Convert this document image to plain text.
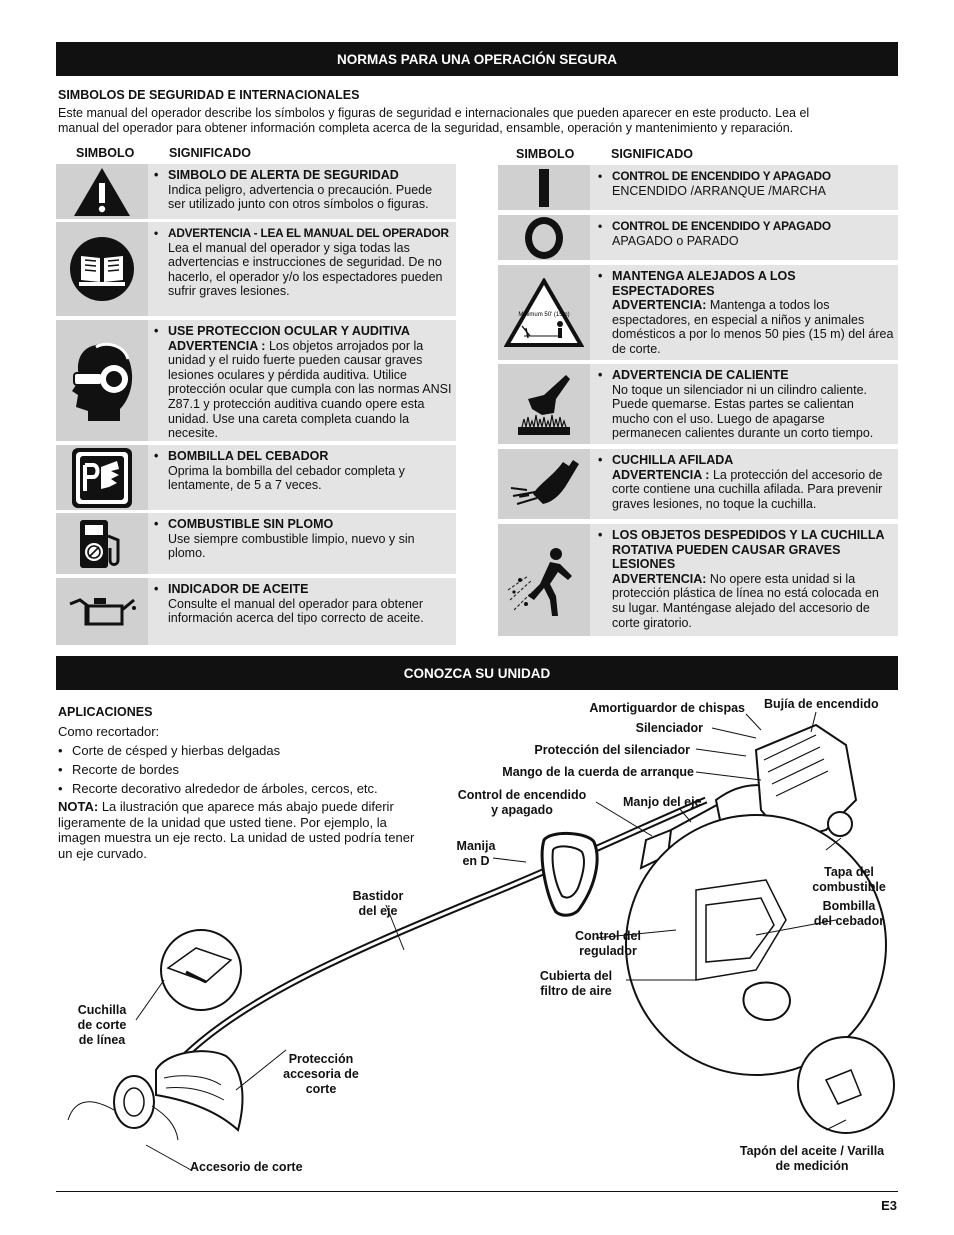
NORMAS PARA UNA OPERACIÓN SEGURA
SIMBOLOS DE SEGURIDAD E INTERNACIONALES
Este manual del operador describe los símbolos y figuras de seguridad e internacionales que pueden aparecer en este producto. Lea el
manual del operador para obtener información completa acerca de la seguridad, ensamble, operación y mantenimiento y reparación.
SIMBOLO	SIGNIFICADO	SIMBOLO	SIGNIFICADO
• SIMBOLO DE ALERTA DE SEGURIDAD
Indica peligro, advertencia o precaución. Puede ser utilizado junto con otros símbolos o figuras.
• ADVERTENCIA - LEA EL MANUAL DEL OPERADOR
Lea el manual del operador y siga todas las advertencias e instrucciones de seguridad. De no hacerlo, el operador y/o los espectadores pueden sufrir graves lesiones.
• USE PROTECCION OCULAR Y AUDITIVA
ADVERTENCIA : Los objetos arrojados por la unidad y el ruido fuerte pueden causar graves lesiones oculares y pérdida auditiva. Utilice protección ocular que cumpla con las normas ANSI Z87.1 y protección auditiva cuando opere esta unidad. Use una careta completa cuando la necesite.
• BOMBILLA DEL CEBADOR
Oprima la bombilla del cebador completa y lentamente, de 5 a 7 veces.
• COMBUSTIBLE SIN PLOMO
Use siempre combustible limpio, nuevo y sin plomo.
• INDICADOR DE ACEITE
Consulte el manual del operador para obtener información acerca del tipo correcto de aceite.
• CONTROL DE ENCENDIDO Y APAGADO
ENCENDIDO /ARRANQUE /MARCHA
• CONTROL DE ENCENDIDO Y APAGADO
APAGADO o PARADO
Minimum 50' (15m)
• MANTENGA ALEJADOS A LOS ESPECTADORES
ADVERTENCIA: Mantenga a todos los espectadores, en especial a niños y animales domésticos a por lo menos 50 pies (15 m) del área de corte.
• ADVERTENCIA DE CALIENTE
No toque un silenciador ni un cilindro caliente. Puede quemarse. Estas partes se calientan mucho con el uso. Luego de apagarse permanecen calientes durante un corto tiempo.
• CUCHILLA AFILADA
ADVERTENCIA : La protección del accesorio de corte contiene una cuchilla afilada. Para prevenir graves lesiones, no toque la cuchilla.
• LOS OBJETOS DESPEDIDOS Y LA CUCHILLA ROTATIVA PUEDEN CAUSAR GRAVES LESIONES
ADVERTENCIA: No opere esta unidad si la protección plástica de línea no está colocada en su lugar. Manténgase alejado del accesorio de corte giratorio.
CONOZCA SU UNIDAD
APLICACIONES
Como recortador:
• Corte de césped y hierbas delgadas
• Recorte de bordes
• Recorte decorativo alrededor de árboles, cercos, etc.
NOTA: La ilustración que aparece más abajo puede diferir ligeramente de la unidad que usted tiene. Por ejemplo, la imagen muestra un eje recto. La unidad de usted podría tener un eje curvado.
Amortiguardor de chispas Bujía de encendido
Silenciador
Protección del silenciador
Mango de la cuerda de arranque
Control de encendido
y apagado
Manjo del eje
Manija
en D
Tapa del
combustible
Bombilla
del cebador
Bastidor
del eje
Control del
regulador
Cubierta del
filtro de aire
Cuchilla
de corte
de línea
Protección
accesoria de
corte
Accesorio de corte
Tapón del aceite / Varilla
de medición
E3
